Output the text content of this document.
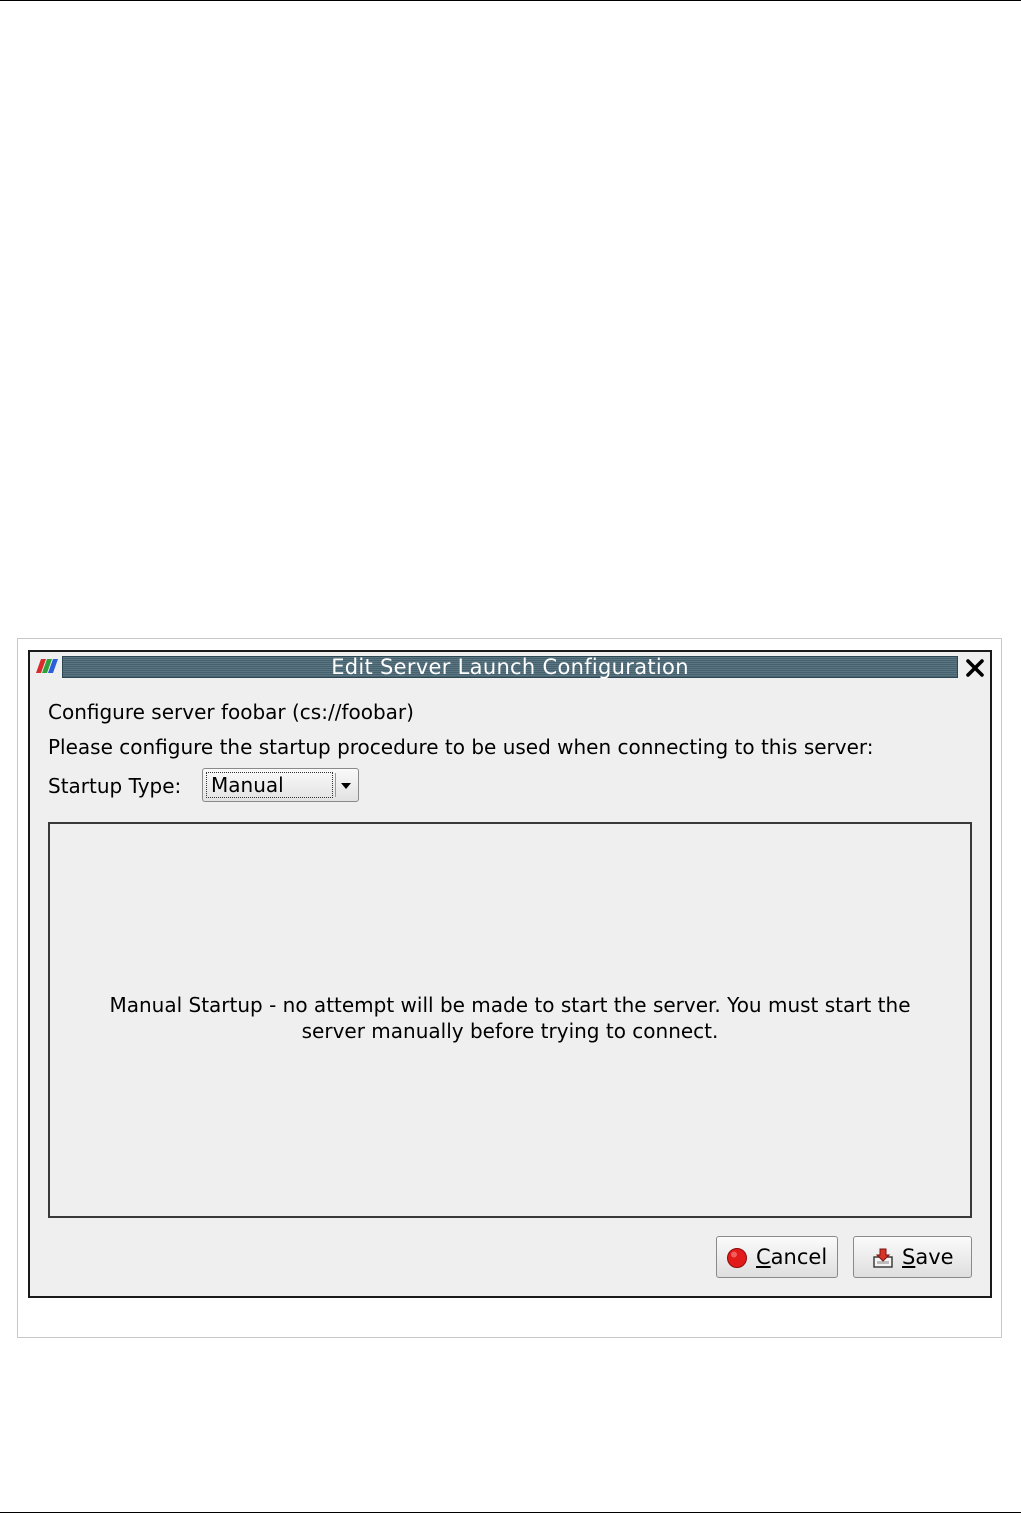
Edit Server Launch Configuration
Configure server foobar (cs://foobar)
Please configure the startup procedure to be used when connecting to this server:
Startup Type: Manual
Manual Startup - no attempt will be made to start the server. You must start the
server manually before trying to connect.
Cancel	Save
